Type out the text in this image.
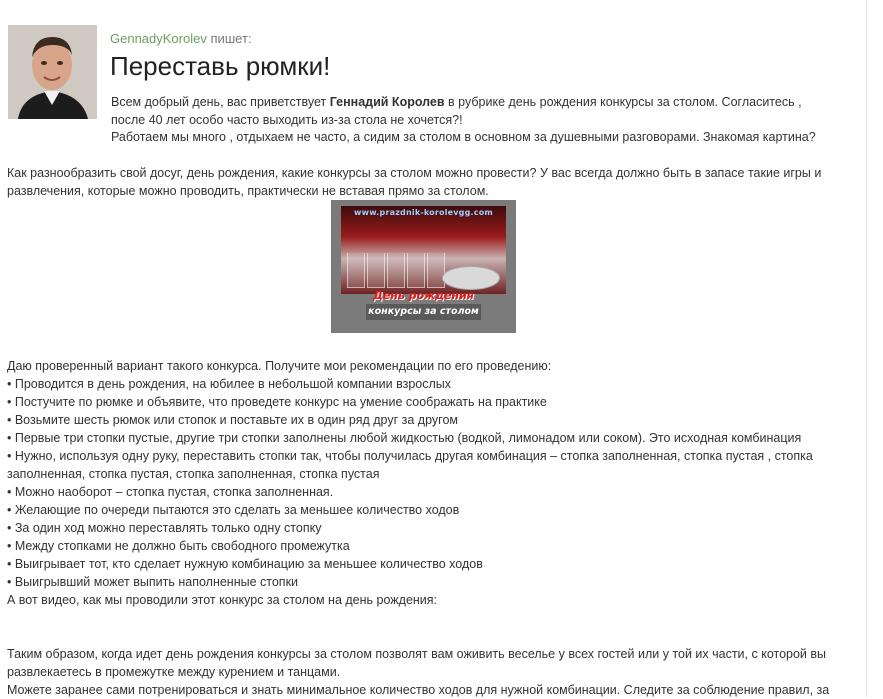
GennadyKorolev пишет:
Переставь рюмки!

Всем добрый день, вас приветствует Геннадий Королев в рубрике день рождения конкурсы за столом. Согласитесь , после 40 лет особо часто выходить из-за стола не хочется?!

Работаем мы много , отдыхаем не часто, а сидим за столом в основном за душевными разговорами. Знакомая картина?

Как разнообразить свой досуг, день рождения, какие конкурсы за столом можно провести? У вас всегда должно быть в запасе такие игры и развлечения, которые можно проводить, практически не вставая прямо за столом.

www.prazdnik-korolevgg.com
День рождения
конкурсы за столом
Даю проверенный вариант такого конкурса. Получите мои рекомендации по его проведению:
• Проводится в день рождения, на юбилее в небольшой компании взрослых
• Постучите по рюмке и объявите, что проведете конкурс на умение соображать на практике
• Возьмите шесть рюмок или стопок и поставьте их в один ряд друг за другом
• Первые три стопки пустые, другие три стопки заполнены любой жидкостью (водкой, лимонадом или соком). Это исходная комбинация
• Нужно, используя одну руку, переставить стопки так, чтобы получилась другая комбинация – стопка заполненная, стопка пустая , стопка заполненная, стопка пустая, стопка заполненная, стопка пустая
• Можно наоборот – стопка пустая, стопка заполненная.
• Желающие по очереди пытаются это сделать за меньшее количество ходов
• За один ход можно переставлять только одну стопку
• Между стопками не должно быть свободного промежутка
• Выигрывает тот, кто сделает нужную комбинацию за меньшее количество ходов
• Выигрывший может выпить наполненные стопки
А вот видео, как мы проводили этот конкурс за столом на день рождения:
Таким образом, когда идет день рождения конкурсы за столом позволят вам оживить веселье у всех гостей или у той их части, с которой вы развлекаетесь в промежутке между курением и танцами.
Можете заранее сами потренироваться и знать минимальное количество ходов для нужной комбинации. Следите за соблюдение правил, за
